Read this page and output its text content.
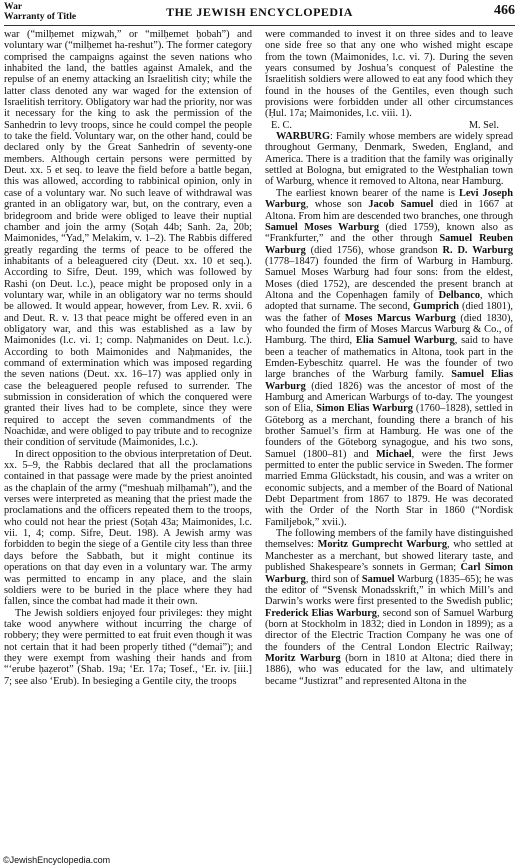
War
Warranty of Title	THE JEWISH ENCYCLOPEDIA	466

war (“milḥemet miẓwah,” or “milḥemet ḥobah”) and voluntary war (“milḥemet ha-reshut”). The former category comprised the campaigns against the seven nations who inhabited the land, the battles against Amalek, and the repulse of an enemy attacking an Israelitish city; while the latter class denoted any war waged for the extension of Israelitish territory. Obligatory war had the priority, nor was it necessary for the king to ask the permission of the Sanhedrin to levy troops, since he could compel the people to take the field. Voluntary war, on the other hand, could be declared only by the Great Sanhedrin of seventy-one members. Although certain persons were permitted by Deut. xx. 5 et seq. to leave the field before a battle began, this was allowed, according to rabbinical opinion, only in case of a voluntary war. No such leave of withdrawal was granted in an obligatory war, but, on the contrary, even a bridegroom and bride were obliged to leave their nuptial chamber and join the army (Soṭah 44b; Sanh. 2a, 20b; Maimonides, “Yad,” Melakim, v. 1–2). The Rabbis differed greatly regarding the terms of peace to be offered the inhabitants of a beleaguered city (Deut. xx. 10 et seq.). According to Sifre, Deut. 199, which was followed by Rashi (on Deut. l.c.), peace might be proposed only in a voluntary war, while in an obligatory war no terms should be allowed. It would appear, however, from Lev. R. xvii. 6 and Deut. R. v. 13 that peace might be offered even in an obligatory war, and this was established as a law by Maimonides (l.c. vi. 1; comp. Naḥmanides on Deut. l.c.). According to both Maimonides and Naḥmanides, the command of extermination which was imposed regarding the seven nations (Deut. xx. 16–17) was applied only in case the beleaguered people refused to surrender. The submission in consideration of which the conquered were granted their lives had to be complete, since they were required to accept the seven commandments of the Noachidæ, and were obliged to pay tribute and to recognize their condition of servitude (Maimonides, l.c.).

In direct opposition to the obvious interpretation of Deut. xx. 5–9, the Rabbis declared that all the proclamations contained in that passage were made by the priest anointed as the chaplain of the army (“meshuaḥ milḥamah”), and the verses were interpreted as meaning that the priest made the proclamations and the officers repeated them to the troops, who could not hear the priest (Soṭah 43a; Maimonides, l.c. vii. 1, 4; comp. Sifre, Deut. 198). A Jewish army was forbidden to begin the siege of a Gentile city less than three days before the Sabbath, but it might continue its operations on that day even in a voluntary war. The army was permitted to encamp in any place, and the slain soldiers were to be buried in the place where they had fallen, since the combat had made it their own.

The Jewish soldiers enjoyed four privileges: they might take wood anywhere without incurring the charge of robbery; they were permitted to eat fruit even though it was not certain that it had been properly tithed (“demai”); and they were exempt from washing their hands and from “‘erube ḥaẓerot” (Shab. 19a; ‘Er. 17a; Tosef., ‘Er. iv. [iii.] 7; see also ‘Erub). In besieging a Gentile city, the troops

were commanded to invest it on three sides and to leave one side free so that any one who wished might escape from the town (Maimonides, l.c. vi. 7). During the seven years consumed by Joshua’s conquest of Palestine the Israelitish soldiers were allowed to eat any food which they found in the houses of the Gentiles, even though such provisions were forbidden under all other circumstances (Ḥul. 17a; Maimonides, l.c. viii. 1).

E. C.	M. Sel.

WARBURG: Family whose members are widely spread throughout Germany, Denmark, Sweden, England, and America. There is a tradition that the family was originally settled at Bologna, but emigrated to the Westphalian town of Warburg, whence it removed to Altona, near Hamburg.

The earliest known bearer of the name is Levi Joseph Warburg, whose son Jacob Samuel died in 1667 at Altona. From him are descended two branches, one through Samuel Moses Warburg (died 1759), known also as “Frankfurter,” and the other through Samuel Reuben Warburg (died 1756), whose grandson R. D. Warburg (1778–1847) founded the firm of Warburg in Hamburg. Samuel Moses Warburg had four sons: from the eldest, Moses (died 1752), are descended the present branch at Altona and the Copenhagen family of Delbanco, which adopted that surname. The second, Gumprich (died 1801), was the father of Moses Marcus Warburg (died 1830), who founded the firm of Moses Marcus Warburg & Co., of Hamburg. The third, Elia Samuel Warburg, said to have been a teacher of mathematics in Altona, took part in the Emden-Eybeschitz quarrel. He was the founder of two large branches of the Warburg family. Samuel Elias Warburg (died 1826) was the ancestor of most of the Hamburg and American Warburgs of to-day. The youngest son of Elia, Simon Elias Warburg (1760–1828), settled in Göteborg as a merchant, founding there a branch of his brother Samuel’s firm at Hamburg. He was one of the founders of the Göteborg synagogue, and his two sons, Samuel (1800–81) and Michael, were the first Jews permitted to enter the public service in Sweden. The former married Emma Glückstadt, his cousin, and was a writer on economic subjects, and a member of the Board of National Debt Department from 1867 to 1879. He was decorated with the Order of the North Star in 1860 (“Nordisk Familjebok,” xvii.).

The following members of the family have distinguished themselves: Moritz Gumprecht Warburg, who settled at Manchester as a merchant, but showed literary taste, and published Shakespeare’s sonnets in German; Carl Simon Warburg, third son of Samuel Warburg (1835–65); he was the editor of “Svensk Monadsskrift,” in which Mill’s and Darwin’s works were first presented to the Swedish public; Frederick Elias Warburg, second son of Samuel Warburg (born at Stockholm in 1832; died in London in 1899); as a director of the Electric Traction Company he was one of the founders of the Central London Electric Railway; Moritz Warburg (born in 1810 at Altona; died there in 1886), who was educated for the law, and ultimately became “Justizrat” and represented Altona in the

©JewishEncyclopedia.com
